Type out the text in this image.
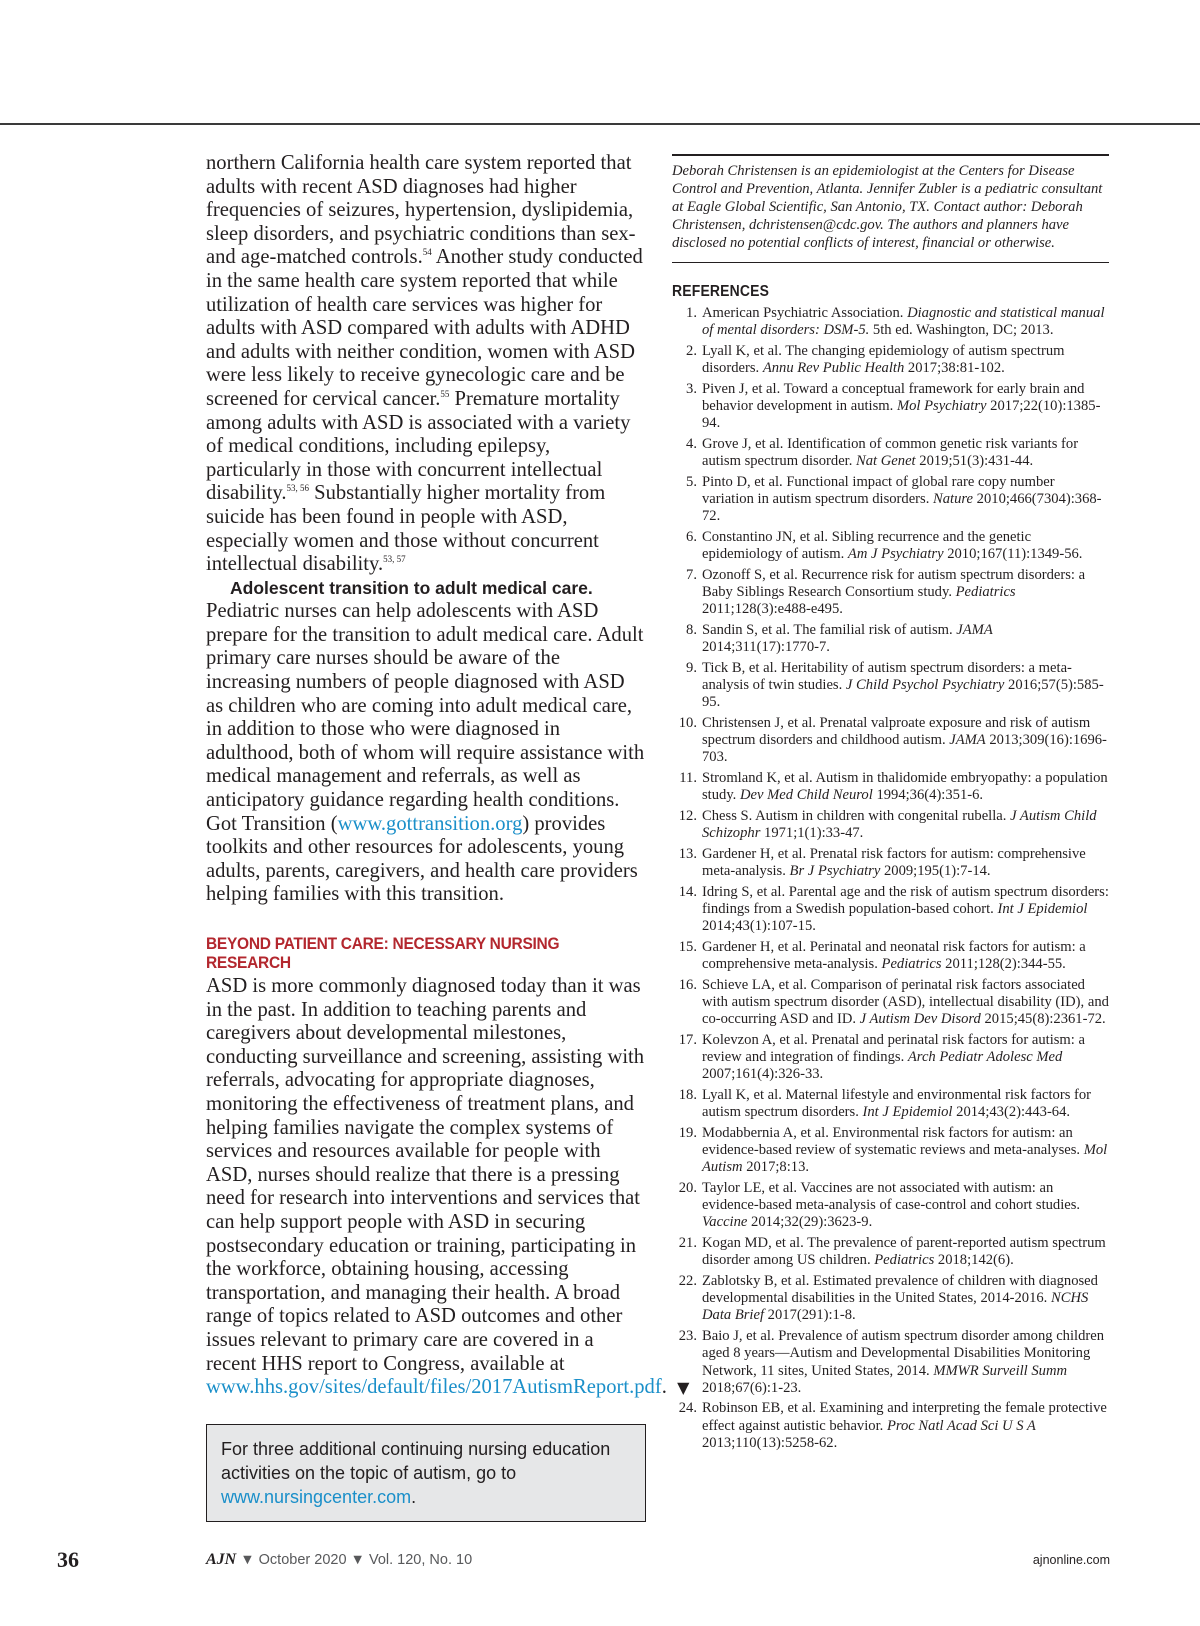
northern California health care system reported that adults with recent ASD diagnoses had higher frequencies of seizures, hypertension, dyslipidemia, sleep disorders, and psychiatric conditions than sex- and age-matched controls.$^{54}$ Another study conducted in the same health care system reported that while utilization of health care services was higher for adults with ASD compared with adults with ADHD and adults with neither condition, women with ASD were less likely to receive gynecologic care and be screened for cervical cancer.$^{55}$ Premature mortality among adults with ASD is associated with a variety of medical conditions, including epilepsy, particularly in those with concurrent intellectual disability.$^{53, 56}$ Substantially higher mortality from suicide has been found in people with ASD, especially women and those without concurrent intellectual disability.$^{53, 57}$

Adolescent transition to adult medical care. Pediatric nurses can help adolescents with ASD prepare for the transition to adult medical care. Adult primary care nurses should be aware of the increasing numbers of people diagnosed with ASD as children who are coming into adult medical care, in addition to those who were diagnosed in adulthood, both of whom will require assistance with medical management and referrals, as well as anticipatory guidance regarding health conditions. Got Transition (www.gottransition.org) provides toolkits and other resources for adolescents, young adults, parents, caregivers, and health care providers helping families with this transition.

BEYOND PATIENT CARE: NECESSARY NURSING RESEARCH

ASD is more commonly diagnosed today than it was in the past. In addition to teaching parents and caregivers about developmental milestones, conducting surveillance and screening, assisting with referrals, advocating for appropriate diagnoses, monitoring the effectiveness of treatment plans, and helping families navigate the complex systems of services and resources available for people with ASD, nurses should realize that there is a pressing need for research into interventions and services that can help support people with ASD in securing postsecondary education or training, participating in the workforce, obtaining housing, accessing transportation, and managing their health. A broad range of topics related to ASD outcomes and other issues relevant to primary care are covered in a recent HHS report to Congress, available at www.hhs.gov/sites/default/files/2017AutismReport.pdf. ▼

For three additional continuing nursing education activities on the topic of autism, go to www.nursingcenter.com.

Deborah Christensen is an epidemiologist at the Centers for Disease Control and Prevention, Atlanta. Jennifer Zubler is a pediatric consultant at Eagle Global Scientific, San Antonio, TX. Contact author: Deborah Christensen, dchristensen@cdc.gov. The authors and planners have disclosed no potential conflicts of interest, financial or otherwise.

REFERENCES
1. American Psychiatric Association. Diagnostic and statistical manual of mental disorders: DSM-5. 5th ed. Washington, DC; 2013.
2. Lyall K, et al. The changing epidemiology of autism spectrum disorders. Annu Rev Public Health 2017;38:81-102.
3. Piven J, et al. Toward a conceptual framework for early brain and behavior development in autism. Mol Psychiatry 2017;22(10):1385-94.
4. Grove J, et al. Identification of common genetic risk variants for autism spectrum disorder. Nat Genet 2019;51(3):431-44.
5. Pinto D, et al. Functional impact of global rare copy number variation in autism spectrum disorders. Nature 2010;466(7304):368-72.
6. Constantino JN, et al. Sibling recurrence and the genetic epidemiology of autism. Am J Psychiatry 2010;167(11):1349-56.
7. Ozonoff S, et al. Recurrence risk for autism spectrum disorders: a Baby Siblings Research Consortium study. Pediatrics 2011;128(3):e488-e495.
8. Sandin S, et al. The familial risk of autism. JAMA 2014;311(17):1770-7.
9. Tick B, et al. Heritability of autism spectrum disorders: a meta-analysis of twin studies. J Child Psychol Psychiatry 2016;57(5):585-95.
10. Christensen J, et al. Prenatal valproate exposure and risk of autism spectrum disorders and childhood autism. JAMA 2013;309(16):1696-703.
11. Stromland K, et al. Autism in thalidomide embryopathy: a population study. Dev Med Child Neurol 1994;36(4):351-6.
12. Chess S. Autism in children with congenital rubella. J Autism Child Schizophr 1971;1(1):33-47.
13. Gardener H, et al. Prenatal risk factors for autism: comprehensive meta-analysis. Br J Psychiatry 2009;195(1):7-14.
14. Idring S, et al. Parental age and the risk of autism spectrum disorders: findings from a Swedish population-based cohort. Int J Epidemiol 2014;43(1):107-15.
15. Gardener H, et al. Perinatal and neonatal risk factors for autism: a comprehensive meta-analysis. Pediatrics 2011;128(2):344-55.
16. Schieve LA, et al. Comparison of perinatal risk factors associated with autism spectrum disorder (ASD), intellectual disability (ID), and co-occurring ASD and ID. J Autism Dev Disord 2015;45(8):2361-72.
17. Kolevzon A, et al. Prenatal and perinatal risk factors for autism: a review and integration of findings. Arch Pediatr Adolesc Med 2007;161(4):326-33.
18. Lyall K, et al. Maternal lifestyle and environmental risk factors for autism spectrum disorders. Int J Epidemiol 2014;43(2):443-64.
19. Modabbernia A, et al. Environmental risk factors for autism: an evidence-based review of systematic reviews and meta-analyses. Mol Autism 2017;8:13.
20. Taylor LE, et al. Vaccines are not associated with autism: an evidence-based meta-analysis of case-control and cohort studies. Vaccine 2014;32(29):3623-9.
21. Kogan MD, et al. The prevalence of parent-reported autism spectrum disorder among US children. Pediatrics 2018;142(6).
22. Zablotsky B, et al. Estimated prevalence of children with diagnosed developmental disabilities in the United States, 2014-2016. NCHS Data Brief 2017(291):1-8.
23. Baio J, et al. Prevalence of autism spectrum disorder among children aged 8 years—Autism and Developmental Disabilities Monitoring Network, 11 sites, United States, 2014. MMWR Surveill Summ 2018;67(6):1-23.
24. Robinson EB, et al. Examining and interpreting the female protective effect against autistic behavior. Proc Natl Acad Sci U S A 2013;110(13):5258-62.
36	AJN ▼ October 2020 ▼ Vol. 120, No. 10	ajnonline.com
